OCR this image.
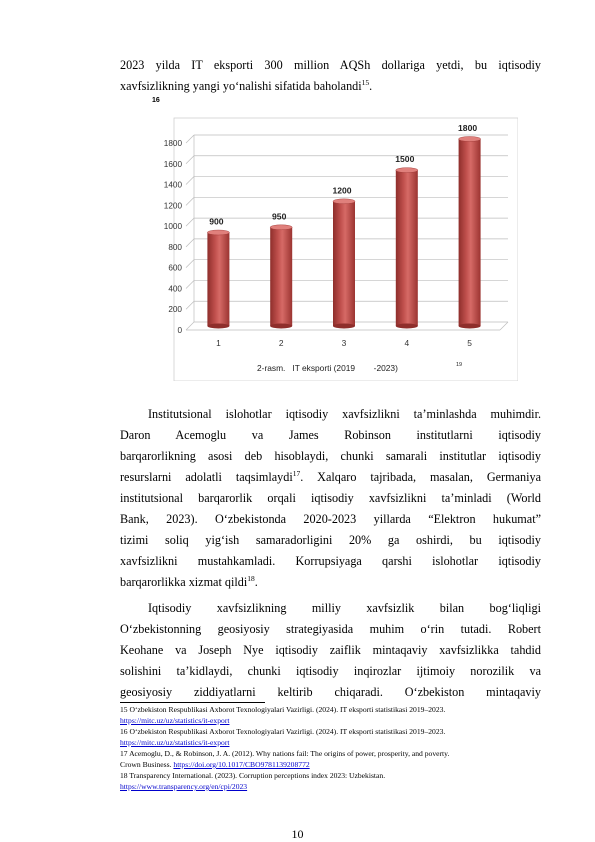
2023 yilda IT eksporti 300 million AQSh dollariga yetdi, bu iqtisodiy
xavfsizlikning yangi yo‘nalishi sifatida baholandi$^{15}$.
16
0
200
400
600
800
1000
1200
1400
1600
1800
1	2	3	4	5
900
950
1200
1500
1800
2-rasm.   IT eksporti (2019        -2023)	19
Institutsional islohotlar iqtisodiy xavfsizlikni ta’minlashda muhimdir.
Daron Acemoglu va James Robinson institutlarni iqtisodiy
barqarorlikning asosi deb hisoblaydi, chunki samarali institutlar iqtisodiy
resurslarni adolatli taqsimlaydi$^{17}$. Xalqaro tajribada, masalan, Germaniya
institutsional barqarorlik orqali iqtisodiy xavfsizlikni ta’minladi (World
Bank, 2023). O‘zbekistonda 2020-2023 yillarda “Elektron hukumat”
tizimi soliq yig‘ish samaradorligini 20% ga oshirdi, bu iqtisodiy
xavfsizlikni mustahkamladi. Korrupsiyaga qarshi islohotlar iqtisodiy
barqarorlikka xizmat qildi$^{18}$.
Iqtisodiy xavfsizlikning milliy xavfsizlik bilan bog‘liqligi
O‘zbekistonning geosiyosiy strategiyasida muhim o‘rin tutadi. Robert
Keohane va Joseph Nye iqtisodiy zaiflik mintaqaviy xavfsizlikka tahdid
solishini ta’kidlaydi, chunki iqtisodiy inqirozlar ijtimoiy norozilik va
geosiyosiy ziddiyatlarni keltirib chiqaradi. O‘zbekiston mintaqaviy
15 O‘zbekiston Respublikasi Axborot Texnologiyalari Vazirligi. (2024). IT eksporti statistikasi 2019–2023.
https://mitc.uz/uz/statistics/it-export
16 O‘zbekiston Respublikasi Axborot Texnologiyalari Vazirligi. (2024). IT eksporti statistikasi 2019–2023.
https://mitc.uz/uz/statistics/it-export
17 Acemoglu, D., & Robinson, J. A. (2012). Why nations fail: The origins of power, prosperity, and poverty.
Crown Business. https://doi.org/10.1017/CBO9781139208772
18 Transparency International. (2023). Corruption perceptions index 2023: Uzbekistan.
https://www.transparency.org/en/cpi/2023
10
